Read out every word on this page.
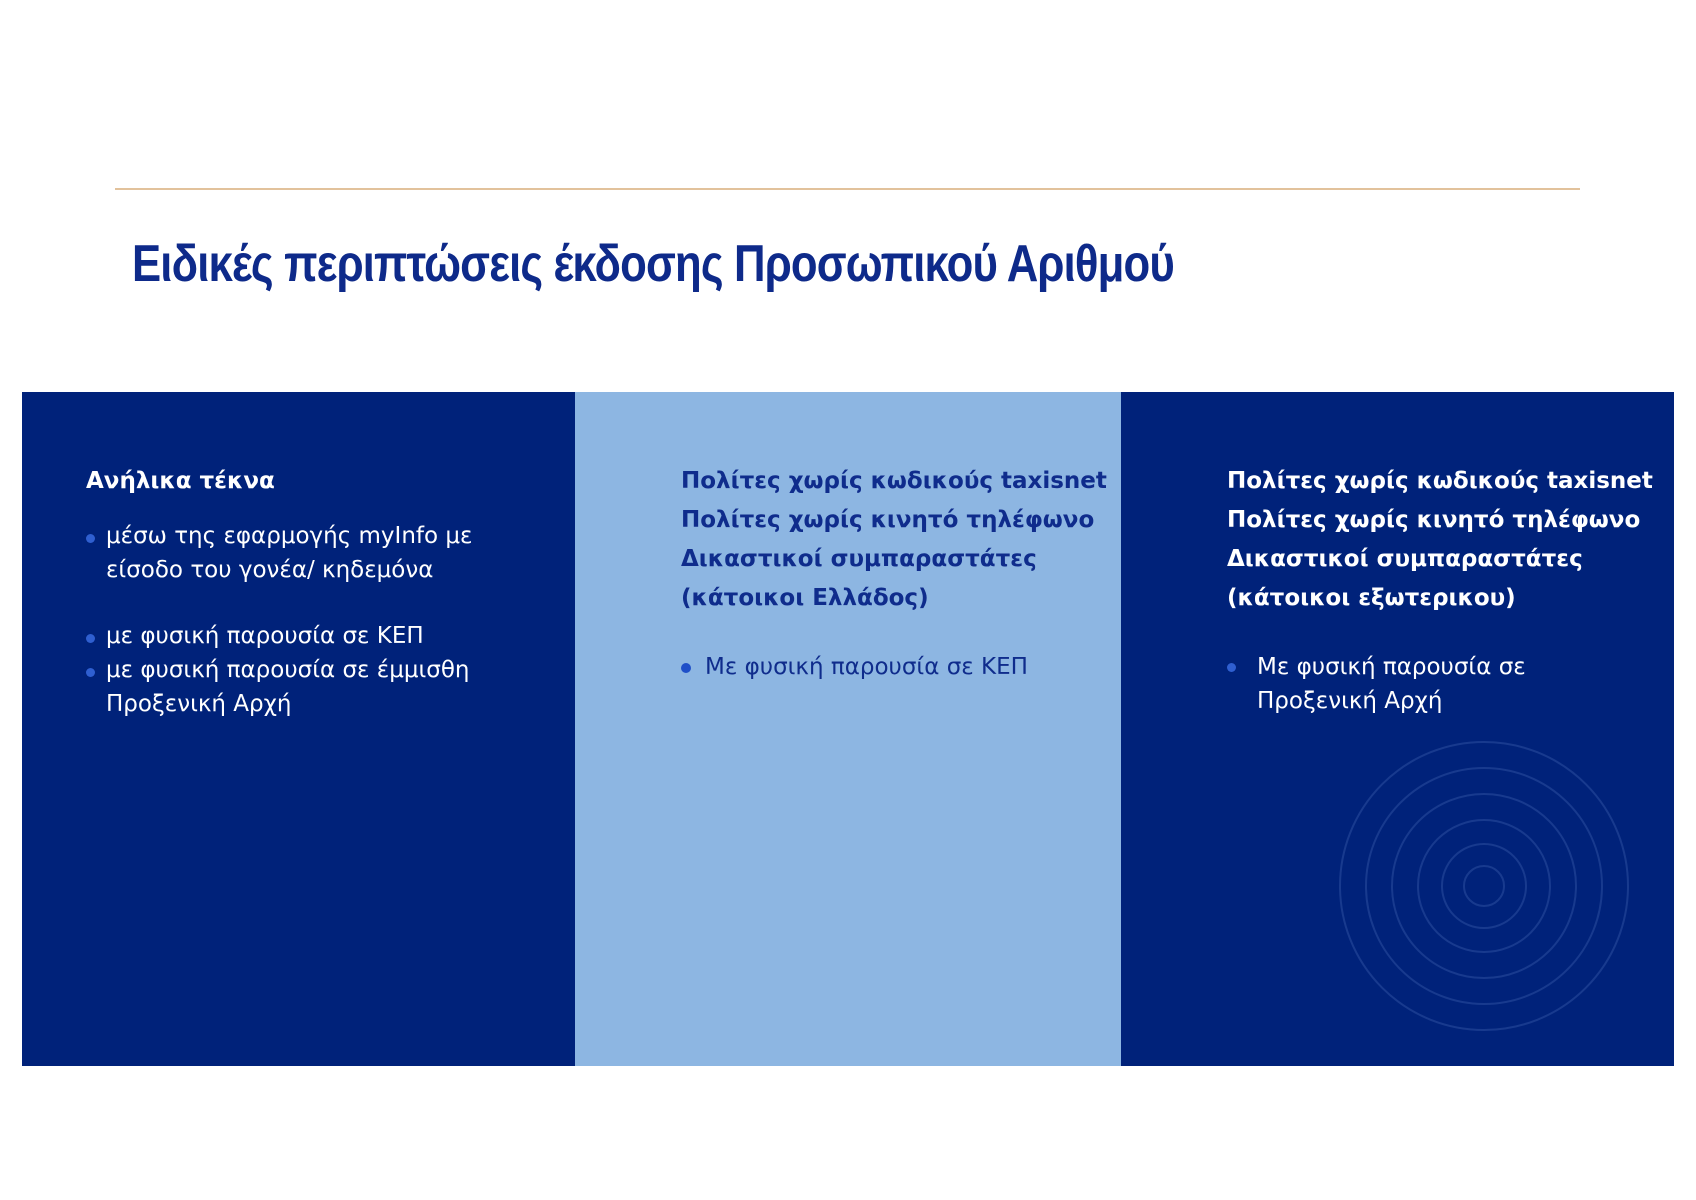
Ειδικές περιπτώσεις έκδοσης Προσωπικού Αριθμού
Ανήλικα τέκνα
μέσω της εφαρμογής myInfo με είσοδο του γονέα/ κηδεμόνα
με φυσική παρουσία σε ΚΕΠ
με φυσική παρουσία σε έμμισθη Προξενική Αρχή
Πολίτες χωρίς κωδικούς taxisnet
Πολίτες χωρίς κινητό τηλέφωνο
Δικαστικοί συμπαραστάτες
(κάτοικοι Ελλάδος)
Με φυσική παρουσία σε ΚΕΠ
Πολίτες χωρίς κωδικούς taxisnet
Πολίτες χωρίς κινητό τηλέφωνο
Δικαστικοί συμπαραστάτες
(κάτοικοι εξωτερικου)
Με φυσική παρουσία σε Προξενική Αρχή
